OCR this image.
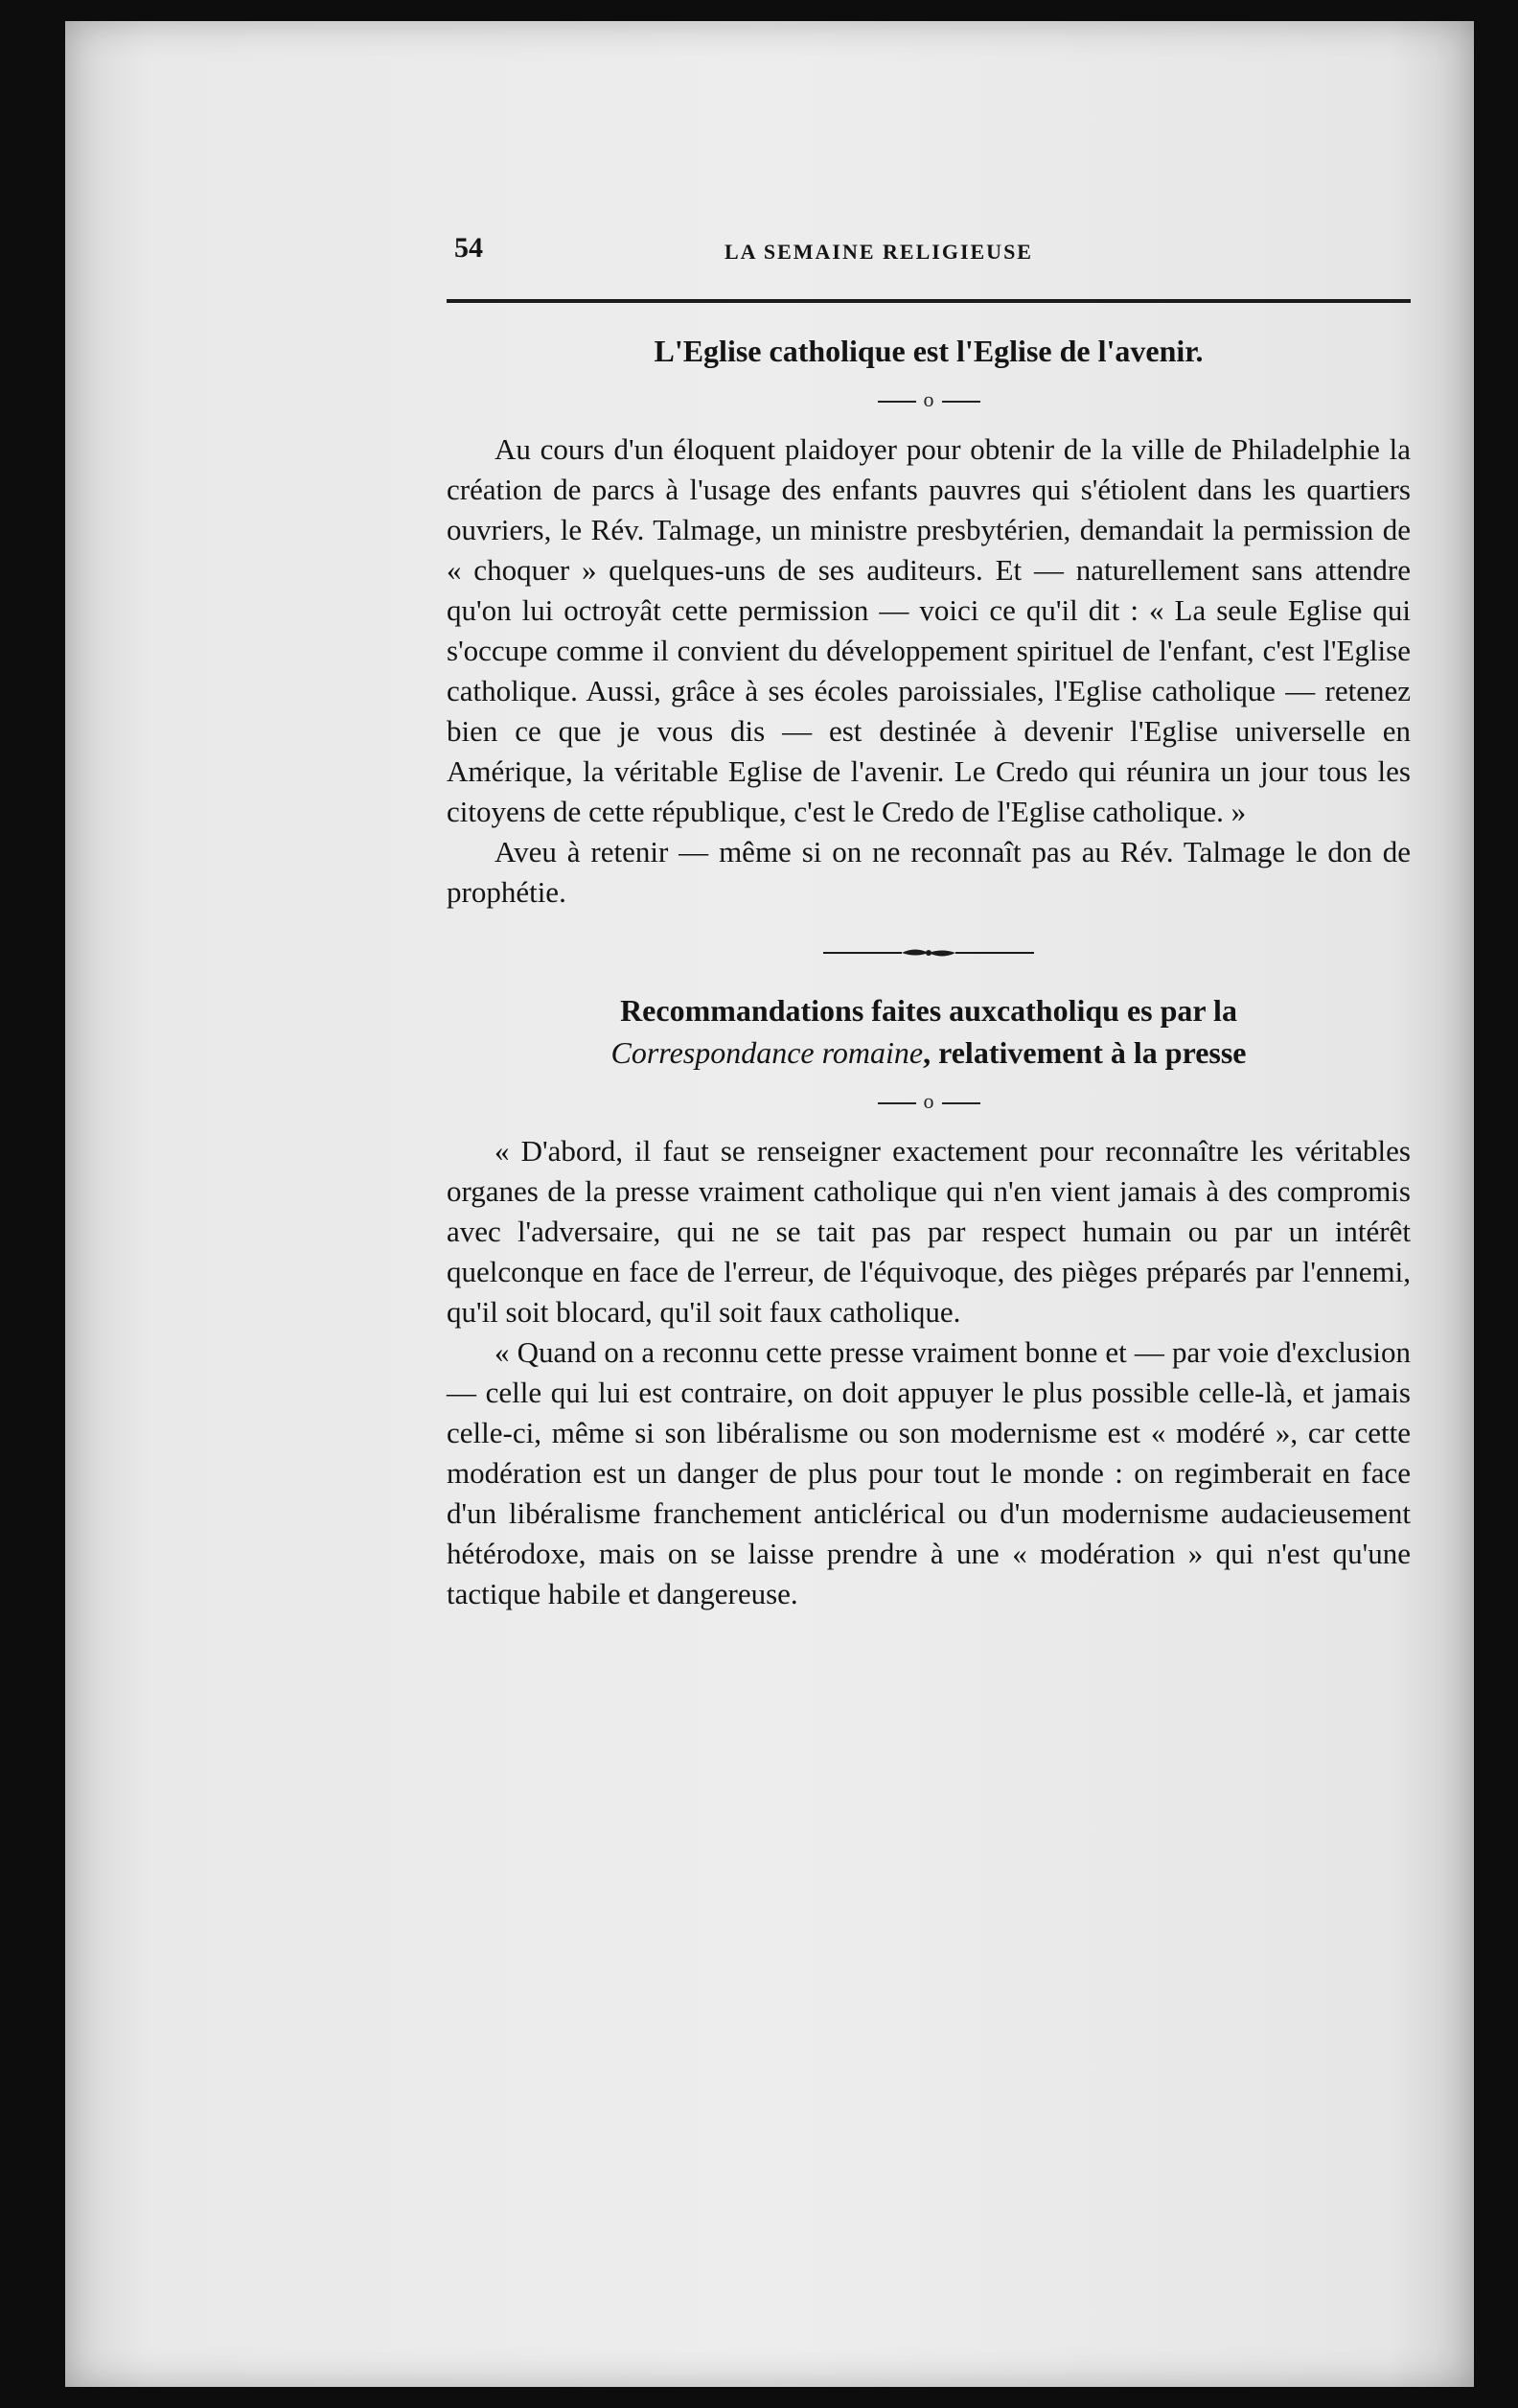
54	LA SEMAINE RELIGIEUSE
L'Eglise catholique est l'Eglise de l'avenir.
o

Au cours d'un éloquent plaidoyer pour obtenir de la ville de Philadelphie la création de parcs à l'usage des enfants pauvres qui s'étiolent dans les quartiers ouvriers, le Rév. Talmage, un ministre presbytérien, demandait la permission de « choquer » quelques-uns de ses auditeurs. Et — naturellement sans attendre qu'on lui octroyât cette permission — voici ce qu'il dit : « La seule Eglise qui s'occupe comme il convient du développement spirituel de l'enfant, c'est l'Eglise catholique. Aussi, grâce à ses écoles paroissiales, l'Eglise catholique — retenez bien ce que je vous dis — est destinée à devenir l'Eglise universelle en Amérique, la véritable Eglise de l'avenir. Le Credo qui réunira un jour tous les citoyens de cette république, c'est le Credo de l'Eglise catholique. »

Aveu à retenir — même si on ne reconnaît pas au Rév. Talmage le don de prophétie.

Recommandations faites auxcatholiqu es par la
Correspondance romaine, relativement à la presse
o

« D'abord, il faut se renseigner exactement pour reconnaître les véritables organes de la presse vraiment catholique qui n'en vient jamais à des compromis avec l'adversaire, qui ne se tait pas par respect humain ou par un intérêt quelconque en face de l'erreur, de l'équivoque, des pièges préparés par l'ennemi, qu'il soit blocard, qu'il soit faux catholique.

« Quand on a reconnu cette presse vraiment bonne et — par voie d'exclusion — celle qui lui est contraire, on doit appuyer le plus possible celle-là, et jamais celle-ci, même si son libéralisme ou son modernisme est « modéré », car cette modération est un danger de plus pour tout le monde : on regimberait en face d'un libéralisme franchement anticlérical ou d'un modernisme audacieusement hétérodoxe, mais on se laisse prendre à une « modération » qui n'est qu'une tactique habile et dangereuse.
